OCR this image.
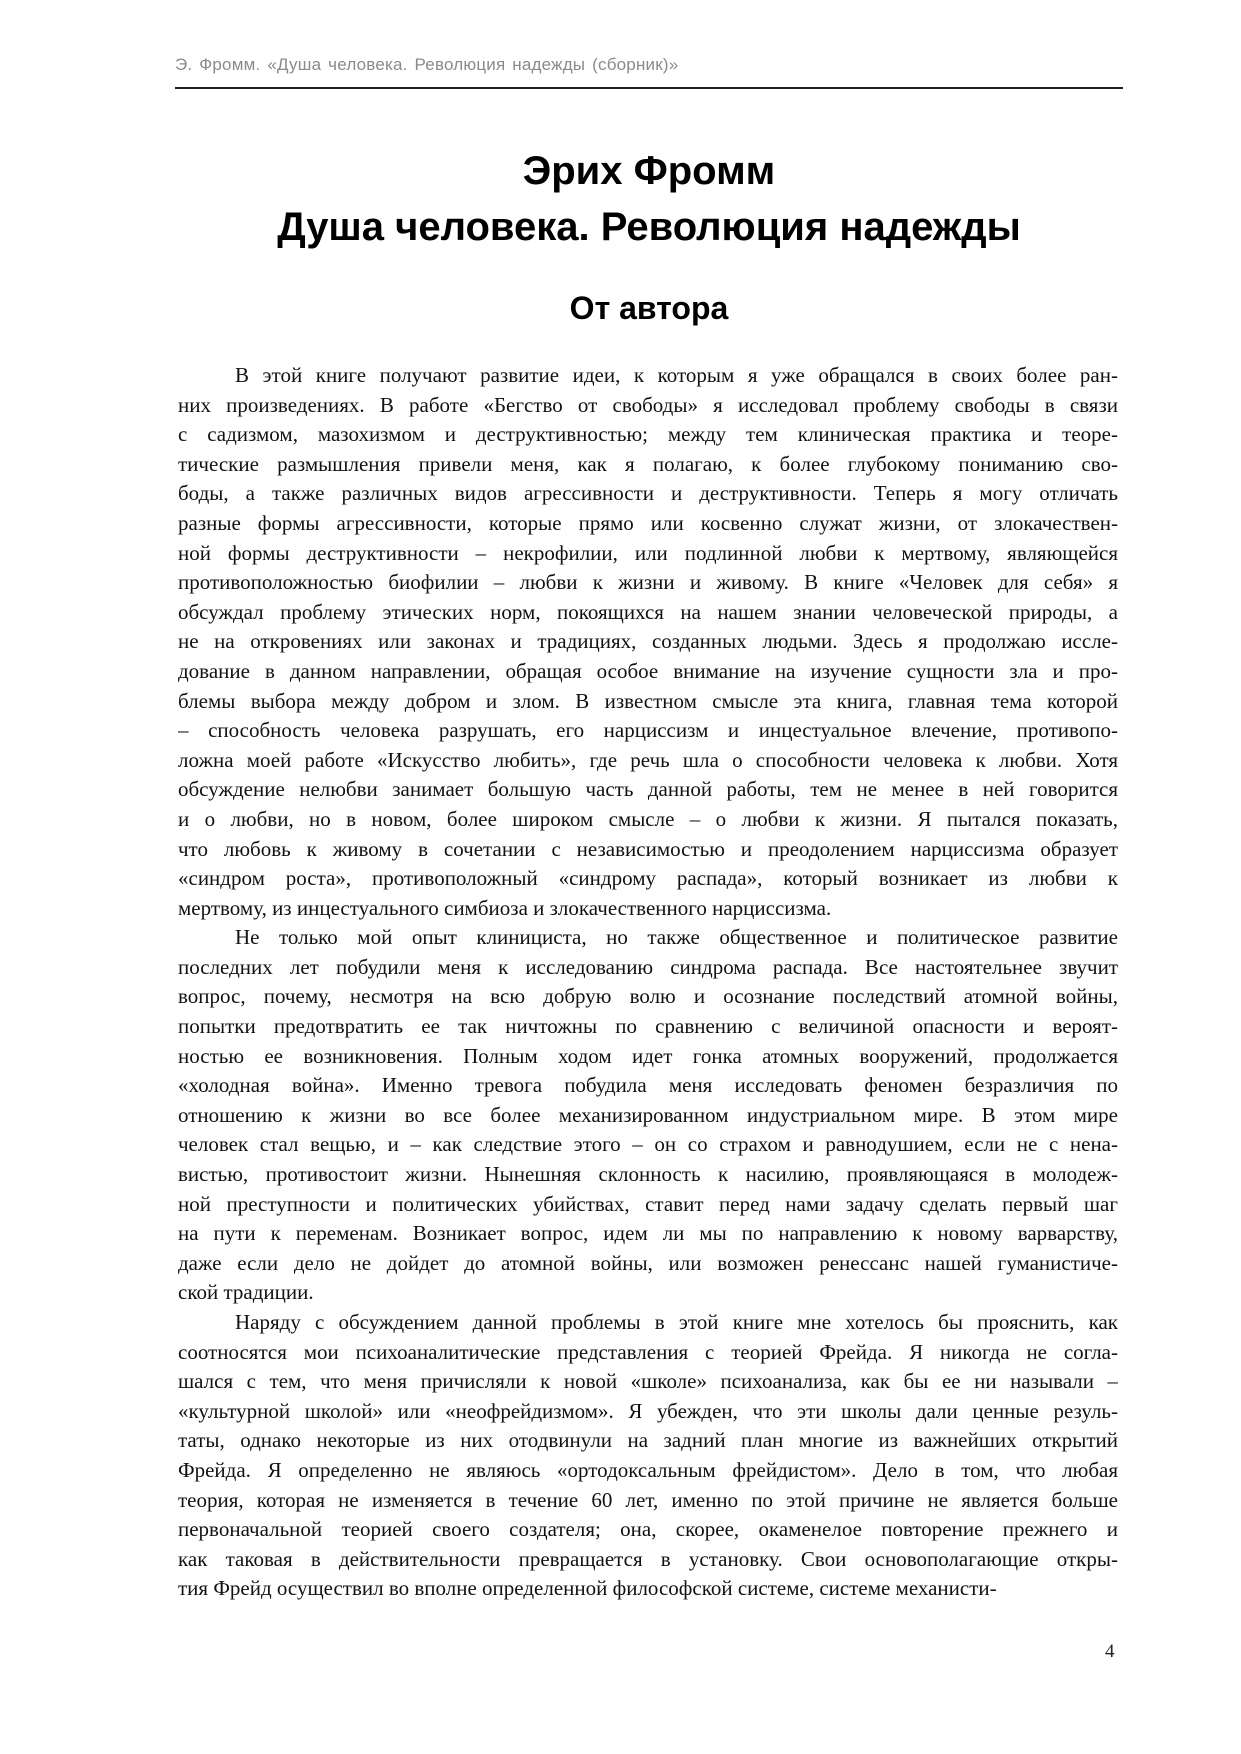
Э. Фромм. «Душа человека. Революция надежды (сборник)»
Эрих Фромм
Душа человека. Революция надежды
От автора
В этой книге получают развитие идеи, к которым я уже обращался в своих более ран-
них произведениях. В работе «Бегство от свободы» я исследовал проблему свободы в связи
с садизмом, мазохизмом и деструктивностью; между тем клиническая практика и теоре-
тические размышления привели меня, как я полагаю, к более глубокому пониманию сво-
боды, а также различных видов агрессивности и деструктивности. Теперь я могу отличать
разные формы агрессивности, которые прямо или косвенно служат жизни, от злокачествен-
ной формы деструктивности – некрофилии, или подлинной любви к мертвому, являющейся
противоположностью биофилии – любви к жизни и живому. В книге «Человек для себя» я
обсуждал проблему этических норм, покоящихся на нашем знании человеческой природы, а
не на откровениях или законах и традициях, созданных людьми. Здесь я продолжаю иссле-
дование в данном направлении, обращая особое внимание на изучение сущности зла и про-
блемы выбора между добром и злом. В известном смысле эта книга, главная тема которой
– способность человека разрушать, его нарциссизм и инцестуальное влечение, противопо-
ложна моей работе «Искусство любить», где речь шла о способности человека к любви. Хотя
обсуждение нелюбви занимает большую часть данной работы, тем не менее в ней говорится
и о любви, но в новом, более широком смысле – о любви к жизни. Я пытался показать,
что любовь к живому в сочетании с независимостью и преодолением нарциссизма образует
«синдром роста», противоположный «синдрому распада», который возникает из любви к
мертвому, из инцестуального симбиоза и злокачественного нарциссизма.
Не только мой опыт клинициста, но также общественное и политическое развитие
последних лет побудили меня к исследованию синдрома распада. Все настоятельнее звучит
вопрос, почему, несмотря на всю добрую волю и осознание последствий атомной войны,
попытки предотвратить ее так ничтожны по сравнению с величиной опасности и вероят-
ностью ее возникновения. Полным ходом идет гонка атомных вооружений, продолжается
«холодная война». Именно тревога побудила меня исследовать феномен безразличия по
отношению к жизни во все более механизированном индустриальном мире. В этом мире
человек стал вещью, и – как следствие этого – он со страхом и равнодушием, если не с нена-
вистью, противостоит жизни. Нынешняя склонность к насилию, проявляющаяся в молодеж-
ной преступности и политических убийствах, ставит перед нами задачу сделать первый шаг
на пути к переменам. Возникает вопрос, идем ли мы по направлению к новому варварству,
даже если дело не дойдет до атомной войны, или возможен ренессанс нашей гуманистиче-
ской традиции.
Наряду с обсуждением данной проблемы в этой книге мне хотелось бы прояснить, как
соотносятся мои психоаналитические представления с теорией Фрейда. Я никогда не согла-
шался с тем, что меня причисляли к новой «школе» психоанализа, как бы ее ни называли –
«культурной школой» или «неофрейдизмом». Я убежден, что эти школы дали ценные резуль-
таты, однако некоторые из них отодвинули на задний план многие из важнейших открытий
Фрейда. Я определенно не являюсь «ортодоксальным фрейдистом». Дело в том, что любая
теория, которая не изменяется в течение 60 лет, именно по этой причине не является больше
первоначальной теорией своего создателя; она, скорее, окаменелое повторение прежнего и
как таковая в действительности превращается в установку. Свои основополагающие откры-
тия Фрейд осуществил во вполне определенной философской системе, системе механисти-
4
